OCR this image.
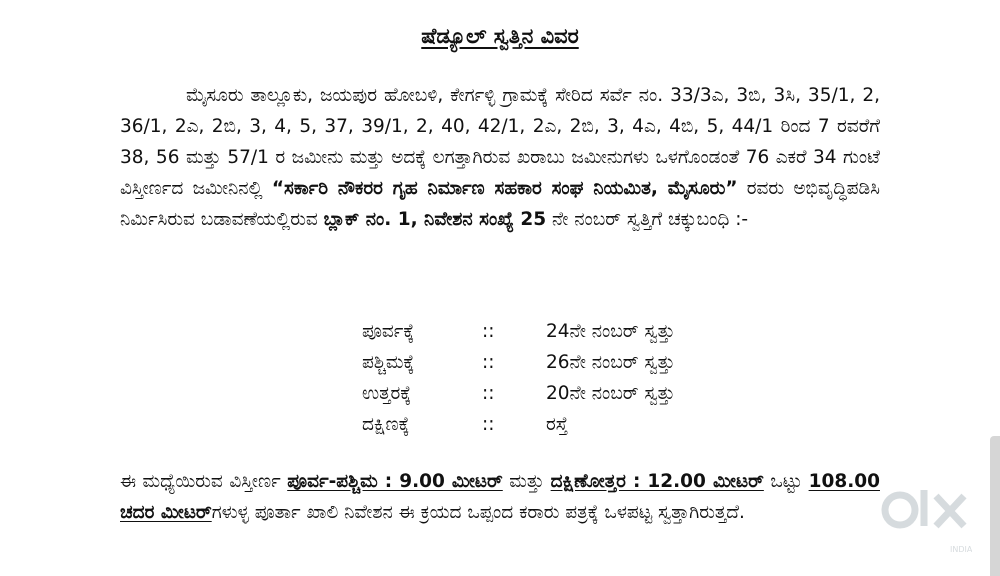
ಷೆಡ್ಯೂಲ್ ಸ್ವತ್ತಿನ ವಿವರ

ಮೈಸೂರು ತಾಲ್ಲೂಕು, ಜಯಪುರ ಹೋಬಳಿ, ಕೇರ್ಗಳ್ಳಿ ಗ್ರಾಮಕ್ಕೆ ಸೇರಿದ ಸರ್ವೆ ನಂ. 33/3ಎ, 3ಬಿ, 3ಸಿ, 35/1, 2, 36/1, 2ಎ, 2ಬಿ, 3, 4, 5, 37, 39/1, 2, 40, 42/1, 2ಎ, 2ಬಿ, 3, 4ಎ, 4ಬಿ, 5, 44/1 ರಿಂದ 7 ರವರೆಗೆ 38, 56 ಮತ್ತು 57/1 ರ ಜಮೀನು ಮತ್ತು ಅದಕ್ಕೆ ಲಗತ್ತಾಗಿರುವ ಖರಾಬು ಜಮೀನುಗಳು ಒಳಗೊಂಡಂತೆ 76 ಎಕರೆ 34 ಗುಂಟೆ ವಿಸ್ತೀರ್ಣದ ಜಮೀನಿನಲ್ಲಿ “ಸರ್ಕಾರಿ ನೌಕರರ ಗೃಹ ನಿರ್ಮಾಣ ಸಹಕಾರ ಸಂಘ ನಿಯಮಿತ, ಮೈಸೂರು” ರವರು ಅಭಿವೃದ್ಧಿಪಡಿಸಿ ನಿರ್ಮಿಸಿರುವ ಬಡಾವಣೆಯಲ್ಲಿರುವ ಬ್ಲಾಕ್ ನಂ. 1, ನಿವೇಶನ ಸಂಖ್ಯೆ 25 ನೇ ನಂಬರ್ ಸ್ವತ್ತಿಗೆ ಚಕ್ಕುಬಂಧಿ :-

ಪೂರ್ವಕ್ಕೆ	::	24ನೇ ನಂಬರ್ ಸ್ವತ್ತು
ಪಶ್ಚಿಮಕ್ಕೆ	::	26ನೇ ನಂಬರ್ ಸ್ವತ್ತು
ಉತ್ತರಕ್ಕೆ	::	20ನೇ ನಂಬರ್ ಸ್ವತ್ತು
ದಕ್ಷಿಣಕ್ಕೆ	::	ರಸ್ತೆ

ಈ ಮಧ್ಯೆಯಿರುವ ವಿಸ್ತೀರ್ಣ ಪೂರ್ವ-ಪಶ್ಚಿಮ : 9.00 ಮೀಟರ್ ಮತ್ತು ದಕ್ಷಿಣೋತ್ತರ : 12.00 ಮೀಟರ್ ಒಟ್ಟು 108.00 ಚದರ ಮೀಟರ್ಗಳುಳ್ಳ ಪೂರ್ತಾ ಖಾಲಿ ನಿವೇಶನ ಈ ಕ್ರಯದ ಒಪ್ಪಂದ ಕರಾರು ಪತ್ರಕ್ಕೆ ಒಳಪಟ್ಟ ಸ್ವತ್ತಾಗಿರುತ್ತದೆ.

INDIA
